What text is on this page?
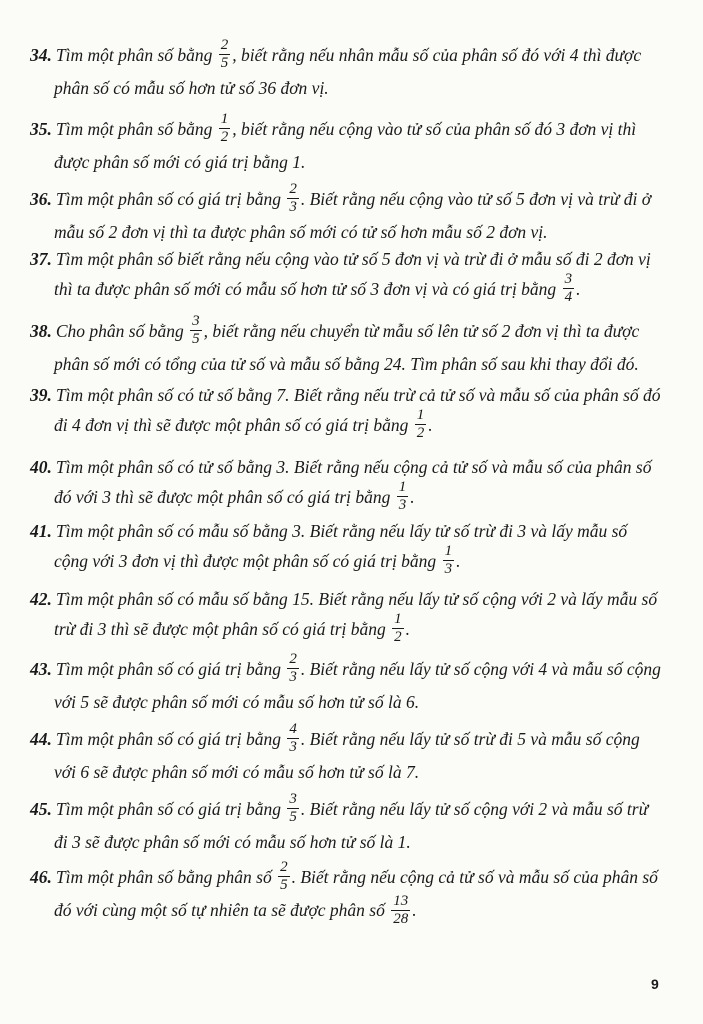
34. Tìm một phân số bằng $\frac{2}{5}$ , biết rằng nếu nhân mẫu số của phân số đó với 4 thì được
phân số có mẫu số hơn tử số 36 đơn vị.
35. Tìm một phân số bằng $\frac{1}{2}$ , biết rằng nếu cộng vào tử số của phân số đó 3 đơn vị thì
được phân số mới có giá trị bằng 1.
36. Tìm một phân số có giá trị bằng $\frac{2}{3}$ . Biết rằng nếu cộng vào tử số 5 đơn vị và trừ đi ở
mẫu số 2 đơn vị thì ta được phân số mới có tử số hơn mẫu số 2 đơn vị.
37. Tìm một phân số biết rằng nếu cộng vào tử số 5 đơn vị và trừ đi ở mẫu số đi 2 đơn vị
thì ta được phân số mới có mẫu số hơn tử số 3 đơn vị và có giá trị bằng $\frac{3}{4}$ .
38. Cho phân số bằng $\frac{3}{5}$ , biết rằng nếu chuyển từ mẫu số lên tử số 2 đơn vị thì ta được
phân số mới có tổng của tử số và mẫu số bằng 24. Tìm phân số sau khi thay đổi đó.
39. Tìm một phân số có tử số bằng 7. Biết rằng nếu trừ cả tử số và mẫu số của phân số đó
đi 4 đơn vị thì sẽ được một phân số có giá trị bằng $\frac{1}{2}$ .
40. Tìm một phân số có tử số bằng 3. Biết rằng nếu cộng cả tử số và mẫu số của phân số
đó với 3 thì sẽ được một phân số có giá trị bằng $\frac{1}{3}$ .
41. Tìm một phân số có mẫu số bằng 3. Biết rằng nếu lấy tử số trừ đi 3 và lấy mẫu số
cộng với 3 đơn vị thì được một phân số có giá trị bằng $\frac{1}{3}$ .
42. Tìm một phân số có mẫu số bằng 15. Biết rằng nếu lấy tử số cộng với 2 và lấy mẫu số
trừ đi 3 thì sẽ được một phân số có giá trị bằng $\frac{1}{2}$ .
43. Tìm một phân số có giá trị bằng $\frac{2}{3}$ . Biết rằng nếu lấy tử số cộng với 4 và mẫu số cộng
với 5 sẽ được phân số mới có mẫu số hơn tử số là 6.
44. Tìm một phân số có giá trị bằng $\frac{4}{3}$ . Biết rằng nếu lấy tử số trừ đi 5 và mẫu số cộng
với 6 sẽ được phân số mới có mẫu số hơn tử số là 7.
45. Tìm một phân số có giá trị bằng $\frac{3}{5}$ . Biết rằng nếu lấy tử số cộng với 2 và mẫu số trừ
đi 3 sẽ được phân số mới có mẫu số hơn tử số là 1.
46. Tìm một phân số bằng phân số $\frac{2}{5}$ . Biết rằng nếu cộng cả tử số và mẫu số của phân số
đó với cùng một số tự nhiên ta sẽ được phân số $\frac{13}{28}$ .
9
